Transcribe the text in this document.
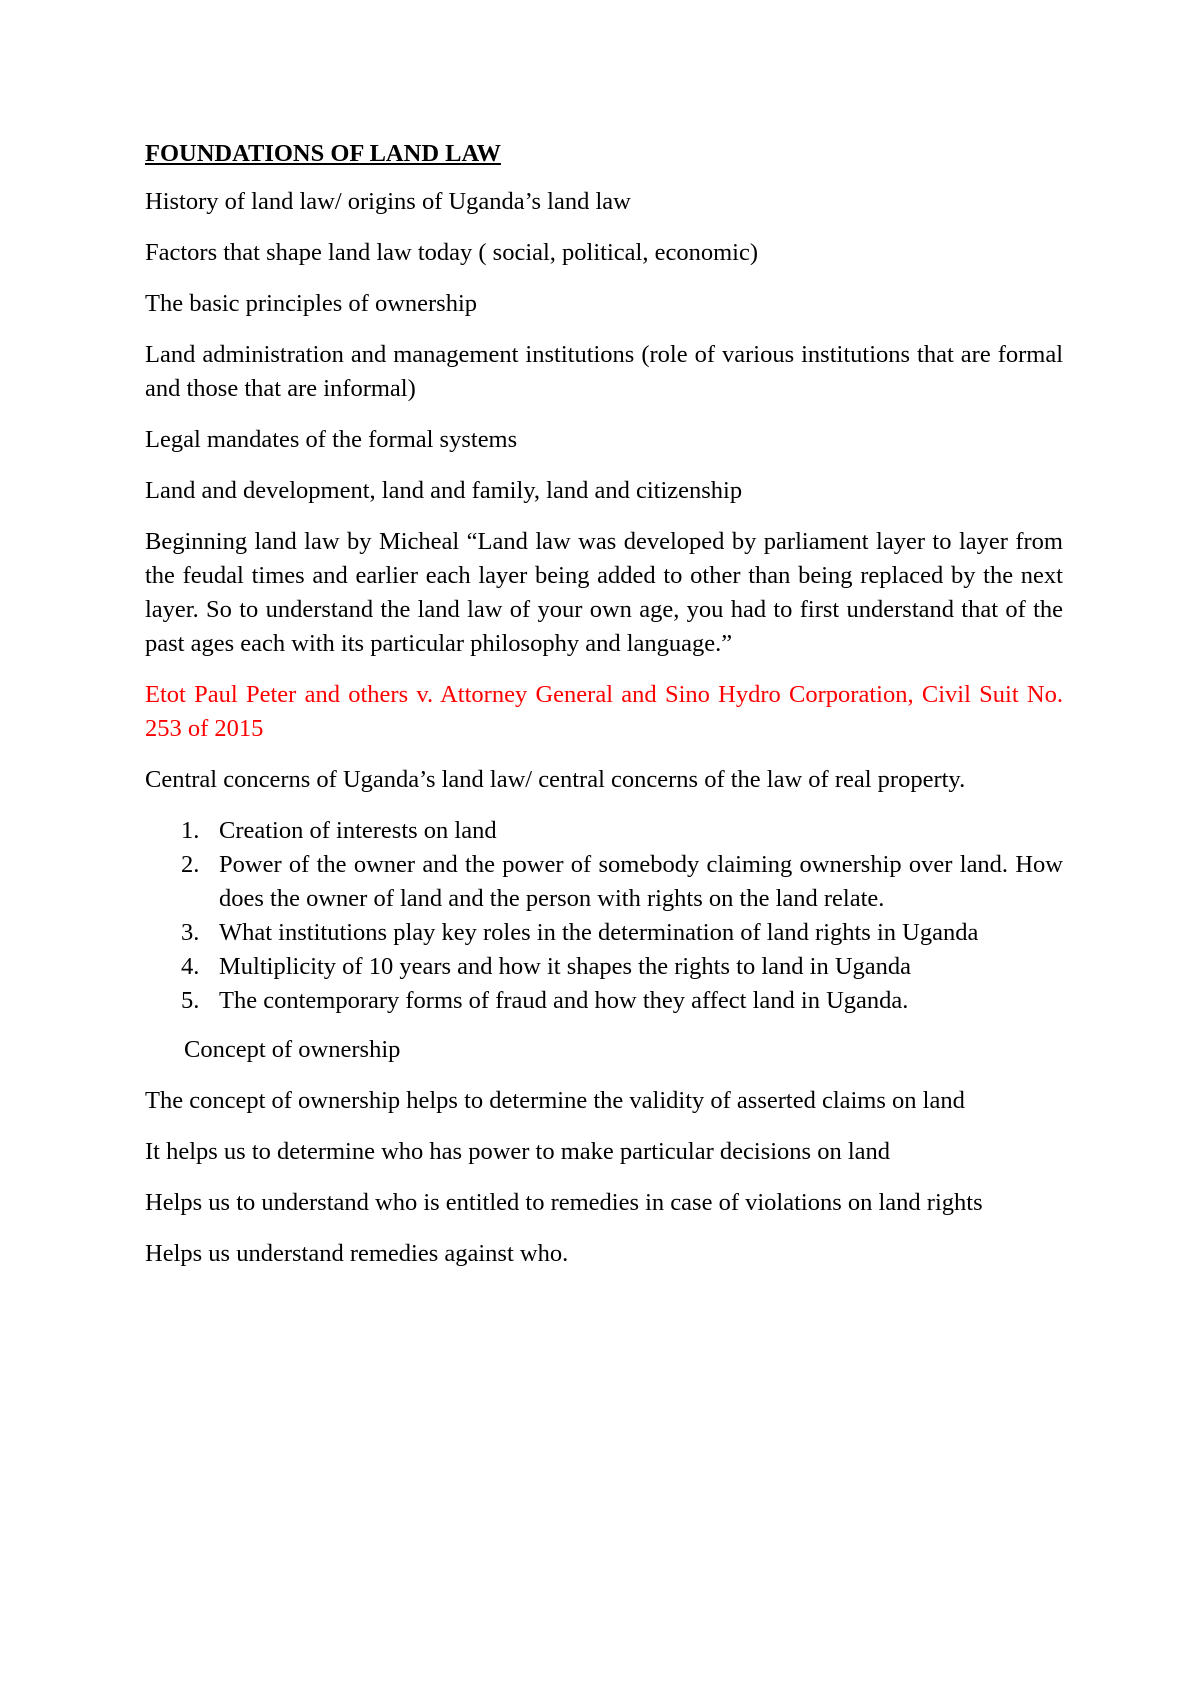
FOUNDATIONS OF LAND LAW

History of land law/ origins of Uganda’s land law

Factors that shape land law today ( social, political, economic)

The basic principles of ownership

Land administration and management institutions (role of various institutions that are formal and those that are informal)

Legal mandates of the formal systems

Land and development, land and family, land and citizenship

Beginning land law by Micheal “Land law was developed by parliament layer to layer from the feudal times and earlier each layer being added to other than being replaced by the next layer. So to understand the land law of your own age, you had to first understand that of the past ages each with its particular philosophy and language.”

Etot Paul Peter and others v. Attorney General and Sino Hydro Corporation, Civil Suit No. 253 of 2015

Central concerns of Uganda’s land law/ central concerns of the law of real property.

1. Creation of interests on land
2. Power of the owner and the power of somebody claiming ownership over land. How does the owner of land and the person with rights on the land relate.
3. What institutions play key roles in the determination of land rights in Uganda
4. Multiplicity of 10 years and how it shapes the rights to land in Uganda
5. The contemporary forms of fraud and how they affect land in Uganda.

Concept of ownership

The concept of ownership helps to determine the validity of asserted claims on land

It helps us to determine who has power to make particular decisions on land

Helps us to understand who is entitled to remedies in case of violations on land rights

Helps us understand remedies against who.
